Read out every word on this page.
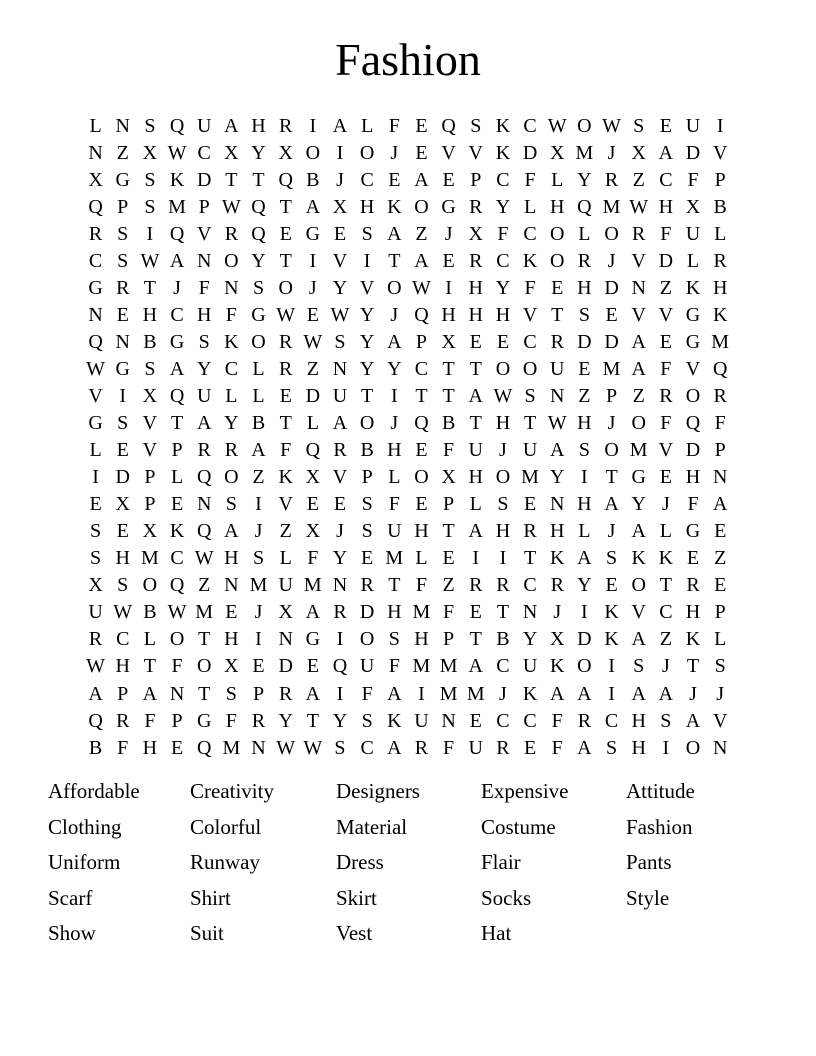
Fashion
L N S Q U A H R I A L F E Q S K C W O W S E U I
N Z X W C X Y X O I O J E V V K D X M J X A D V
X G S K D T T Q B J C E A E P C F L Y R Z C F P
Q P S M P W Q T A X H K O G R Y L H Q M W H X B
R S I Q V R Q E G E S A Z J X F C O L O R F U L
C S W A N O Y T I V I T A E R C K O R J V D L R
G R T J F N S O J Y V O W I H Y F E H D N Z K H
N E H C H F G W E W Y J Q H H H V T S E V V G K
Q N B G S K O R W S Y A P X E E C R D D A E G M
W G S A Y C L R Z N Y Y C T T O O U E M A F V Q
V I X Q U L L E D U T I T T A W S N Z P Z R O R
G S V T A Y B T L A O J Q B T H T W H J O F Q F
L E V P R R A F Q R B H E F U J U A S O M V D P
I D P L Q O Z K X V P L O X H O M Y I T G E H N
E X P E N S I V E E S F E P L S E N H A Y J F A
S E X K Q A J Z X J S U H T A H R H L J A L G E
S H M C W H S L F Y E M L E I	I T K A S K K E Z
X S O Q Z N M U M N R T F Z R R C R Y E O T R E
U W B W M E J X A R D H M F E T N J I K V C H P
R C L O T H I N G I O S H P T B Y X D K A Z K L
W H T F O X E D E Q U F M M A C U K O I S J T S
A P A N T S P R A I F A I M M J K A A I A A J J
Q R F P G F R Y T Y S K U N E C C F R C H S A V
B F H E Q M N W W S C A R F U R E F A S H I O N
Affordable
Clothing
Uniform
Scarf
Show
Creativity
Colorful
Runway
Shirt
Suit
Designers
Material
Dress
Skirt
Vest
Expensive
Costume
Flair
Socks
Hat
Attitude
Fashion
Pants
Style
